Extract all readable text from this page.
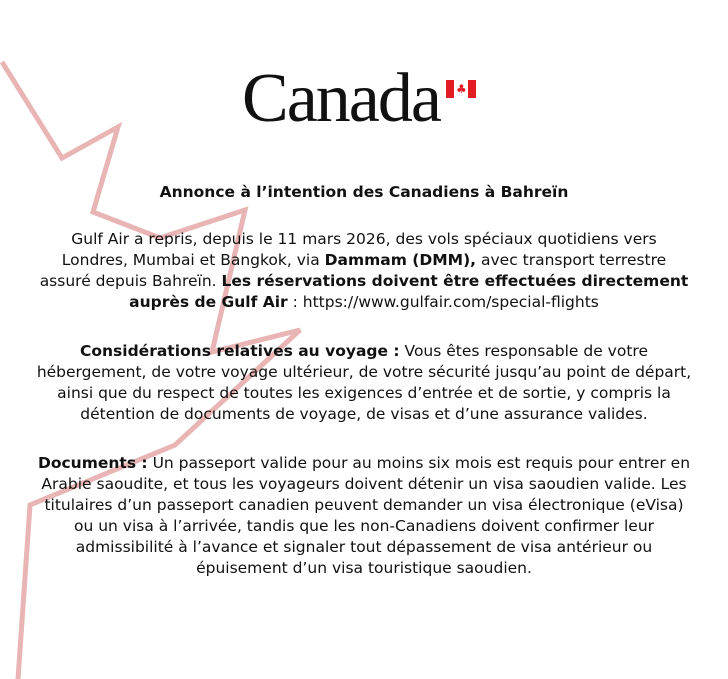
Canada ♣
Annonce à l’intention des Canadiens à Bahreïn
Gulf Air a repris, depuis le 11 mars 2026, des vols spéciaux quotidiens vers
Londres, Mumbai et Bangkok, via Dammam (DMM), avec transport terrestre
assuré depuis Bahreïn. Les réservations doivent être effectuées directement
auprès de Gulf Air : https://www.gulfair.com/special-flights
Considérations relatives au voyage : Vous êtes responsable de votre
hébergement, de votre voyage ultérieur, de votre sécurité jusqu’au point de départ,
ainsi que du respect de toutes les exigences d’entrée et de sortie, y compris la
détention de documents de voyage, de visas et d’une assurance valides.
Documents : Un passeport valide pour au moins six mois est requis pour entrer en
Arabie saoudite, et tous les voyageurs doivent détenir un visa saoudien valide. Les
titulaires d’un passeport canadien peuvent demander un visa électronique (eVisa)
ou un visa à l’arrivée, tandis que les non-Canadiens doivent confirmer leur
admissibilité à l’avance et signaler tout dépassement de visa antérieur ou
épuisement d’un visa touristique saoudien.
